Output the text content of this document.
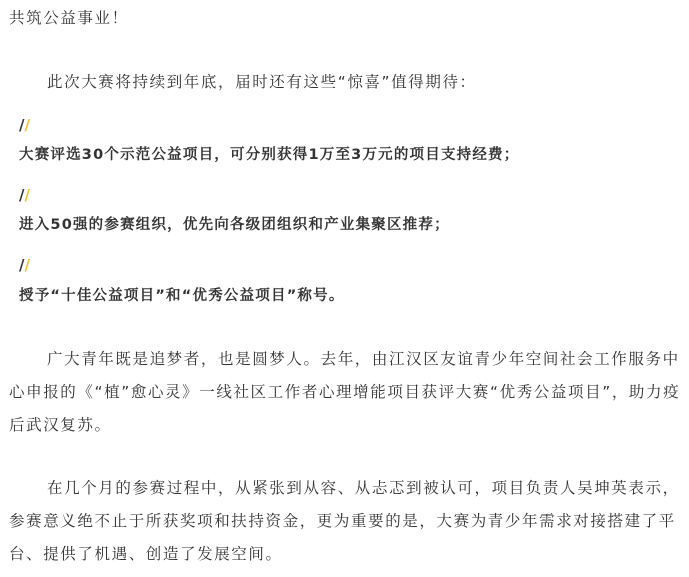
共筑公益事业！
此次大赛将持续到年底，届时还有这些“惊喜”值得期待：
//
大赛评选30个示范公益项目，可分别获得1万至3万元的项目支持经费；
//
进入50强的参赛组织，优先向各级团组织和产业集聚区推荐；
//
授予“十佳公益项目”和“优秀公益项目”称号。
广大青年既是追梦者，也是圆梦人。去年，由江汉区友谊青少年空间社会工作服务中心申报的《“植”愈心灵》一线社区工作者心理增能项目获评大赛“优秀公益项目”，助力疫后武汉复苏。
在几个月的参赛过程中，从紧张到从容、从忐忑到被认可，项目负责人吴坤英表示，参赛意义绝不止于所获奖项和扶持资金，更为重要的是，大赛为青少年需求对接搭建了平台、提供了机遇、创造了发展空间。
